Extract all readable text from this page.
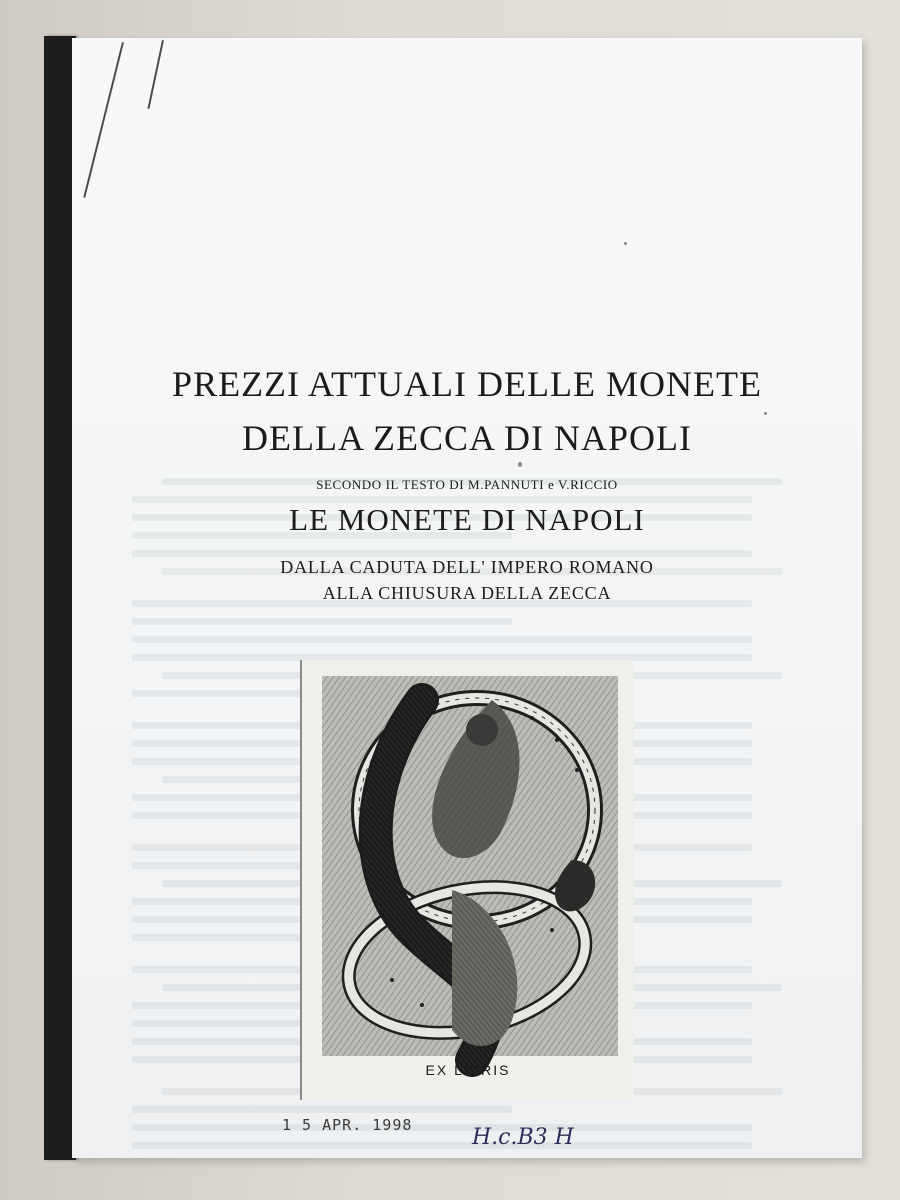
PREZZI ATTUALI DELLE MONETE
DELLA ZECCA DI NAPOLI
SECONDO IL TESTO DI M.PANNUTI e V.RICCIO
LE MONETE DI NAPOLI
DALLA CADUTA DELL' IMPERO ROMANO
ALLA CHIUSURA DELLA ZECCA
EX LIBRIS
1 5 APR. 1998	H.c.B3 H
